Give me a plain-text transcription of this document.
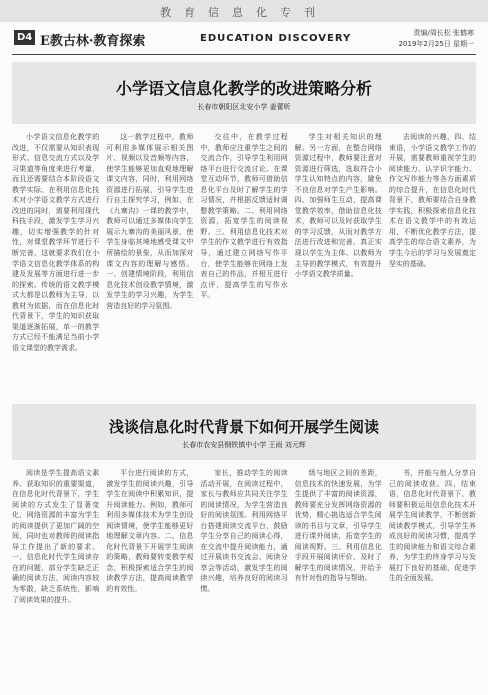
教育信息化专刊
D4 E教古林·教育探索	EDUCATION DISCOVERY	责编/周长松 张鹤寒
2019年2月25日 星期一
小学语文信息化教学的改进策略分析
长春市朝阳区北安小学 姜蕾昕

小学语文信息化教学的改进，不仅需要从知识表现形式、信息交流方式以及学习渠道等角度来进行考量，而且还需要结合本阶段语文教学实际。在利用信息化技术对小学语文教学方式进行改进的同时，需要利用现代科技手段，激发学生学习兴趣，切实增强教学的针对性，对课堂教学环节进行不断完善，这就要求我们在小学语文信息化教学体系的构建及发展等方面进行进一步的探索。传统的语文教学模式大都是以教师为主导，以教材为依据，而在信息化时代背景下，学生的知识获取渠道逐渐拓展，单一的教学方式已经不能满足当前小学语文课堂的教学需求。

这一教学过程中，教师可利用多媒体展示相关图片、视频以及音频等内容，使学生能够更加直观地理解课文内容，同时，利用网络资源进行拓展，引导学生进行自主探究学习，例如，在《九寨沟》一课的教学中，教师可以通过多媒体向学生展示九寨沟的美丽风景，使学生身临其境地感受课文中所描绘的景象，从而加深对课文内容的理解与感悟。一、创建情境阶段，利用信息化技术创设教学情境，激发学生的学习兴趣，为学生营造良好的学习氛围。

交往中，在教学过程中，教师应注重学生之间的交流合作，引导学生利用网络平台进行交流讨论。在课堂互动环节，教师可借助信息化平台及时了解学生的学习情况，并根据反馈适时调整教学策略。二、利用网络资源，拓宽学生的阅读视野。三、利用信息化技术对学生的作文教学进行有效指导，通过建立网络写作平台，使学生能够在网络上发表自己的作品，并相互进行点评，提高学生的写作水平。

学生对相关知识的理解。另一方面，在整合网络资源过程中，教师要注意对资源进行筛选，选取符合小学生认知特点的内容，避免不良信息对学生产生影响。四、加强师生互动，提高课堂教学效率，借助信息化技术，教师可以及时获取学生的学习反馈，从而对教学方法进行改进和完善，真正实现以学生为主体、以教师为主导的教学模式，有效提升小学语文教学质量。

去阅读的兴趣，四、结束语，小学语文教学工作的开展，需要教师重视学生的阅读能力、认字识字能力、作文写作能力等各方面素质的综合提升，在信息化时代背景下，教师要结合自身教学实践，积极探索信息化技术在语文教学中的有效运用，不断优化教学方法，提高学生的综合语文素养，为学生今后的学习与发展奠定坚实的基础。

浅谈信息化时代背景下如何开展学生阅读
长春市农安县钢铁镇中小学 王雨 刘元辉

阅读是学生提高语文素养、获取知识的重要渠道，在信息化时代背景下，学生阅读的方式发生了显著变化，网络资源的丰富为学生的阅读提供了更加广阔的空间，同时也对教师的阅读指导工作提出了新的要求。一、信息化时代学生阅读存在的问题，部分学生缺乏正确的阅读方法，阅读内容较为零散，缺乏系统性，影响了阅读效果的提升。

平台进行阅读的方式，激发学生的阅读兴趣，引导学生在阅读中积累知识，提升阅读能力。例如，教师可利用多媒体技术为学生创设阅读情境，使学生能够更好地理解文章内容。二、信息化时代背景下开展学生阅读的策略，教师要转变教学观念，积极探索适合学生的阅读教学方法，提高阅读教学的有效性。

家长，推动学生的阅读活动开展，在阅读过程中，家长与教师应共同关注学生的阅读情况，为学生营造良好的阅读氛围。利用网络平台搭建阅读交流平台，鼓励学生分享自己的阅读心得，在交流中提升阅读能力，通过开展读书交流会、阅读分享会等活动，激发学生的阅读兴趣，培养良好的阅读习惯。

级与地区之间的差距，信息技术的快速发展，为学生提供了丰富的阅读资源，教师要充分发挥网络资源的优势，精心挑选适合学生阅读的书目与文章，引导学生进行课外阅读，拓宽学生的阅读视野。三、利用信息化手段开展阅读评价，及时了解学生的阅读情况，并给予有针对性的指导与帮助。

书，并能与他人分享自己的阅读收获。四、结束语，信息化时代背景下，教师要积极运用信息化技术开展学生阅读教学，不断创新阅读教学模式，引导学生养成良好的阅读习惯，提高学生的阅读能力和语文综合素养，为学生的终身学习与发展打下良好的基础，促进学生的全面发展。
